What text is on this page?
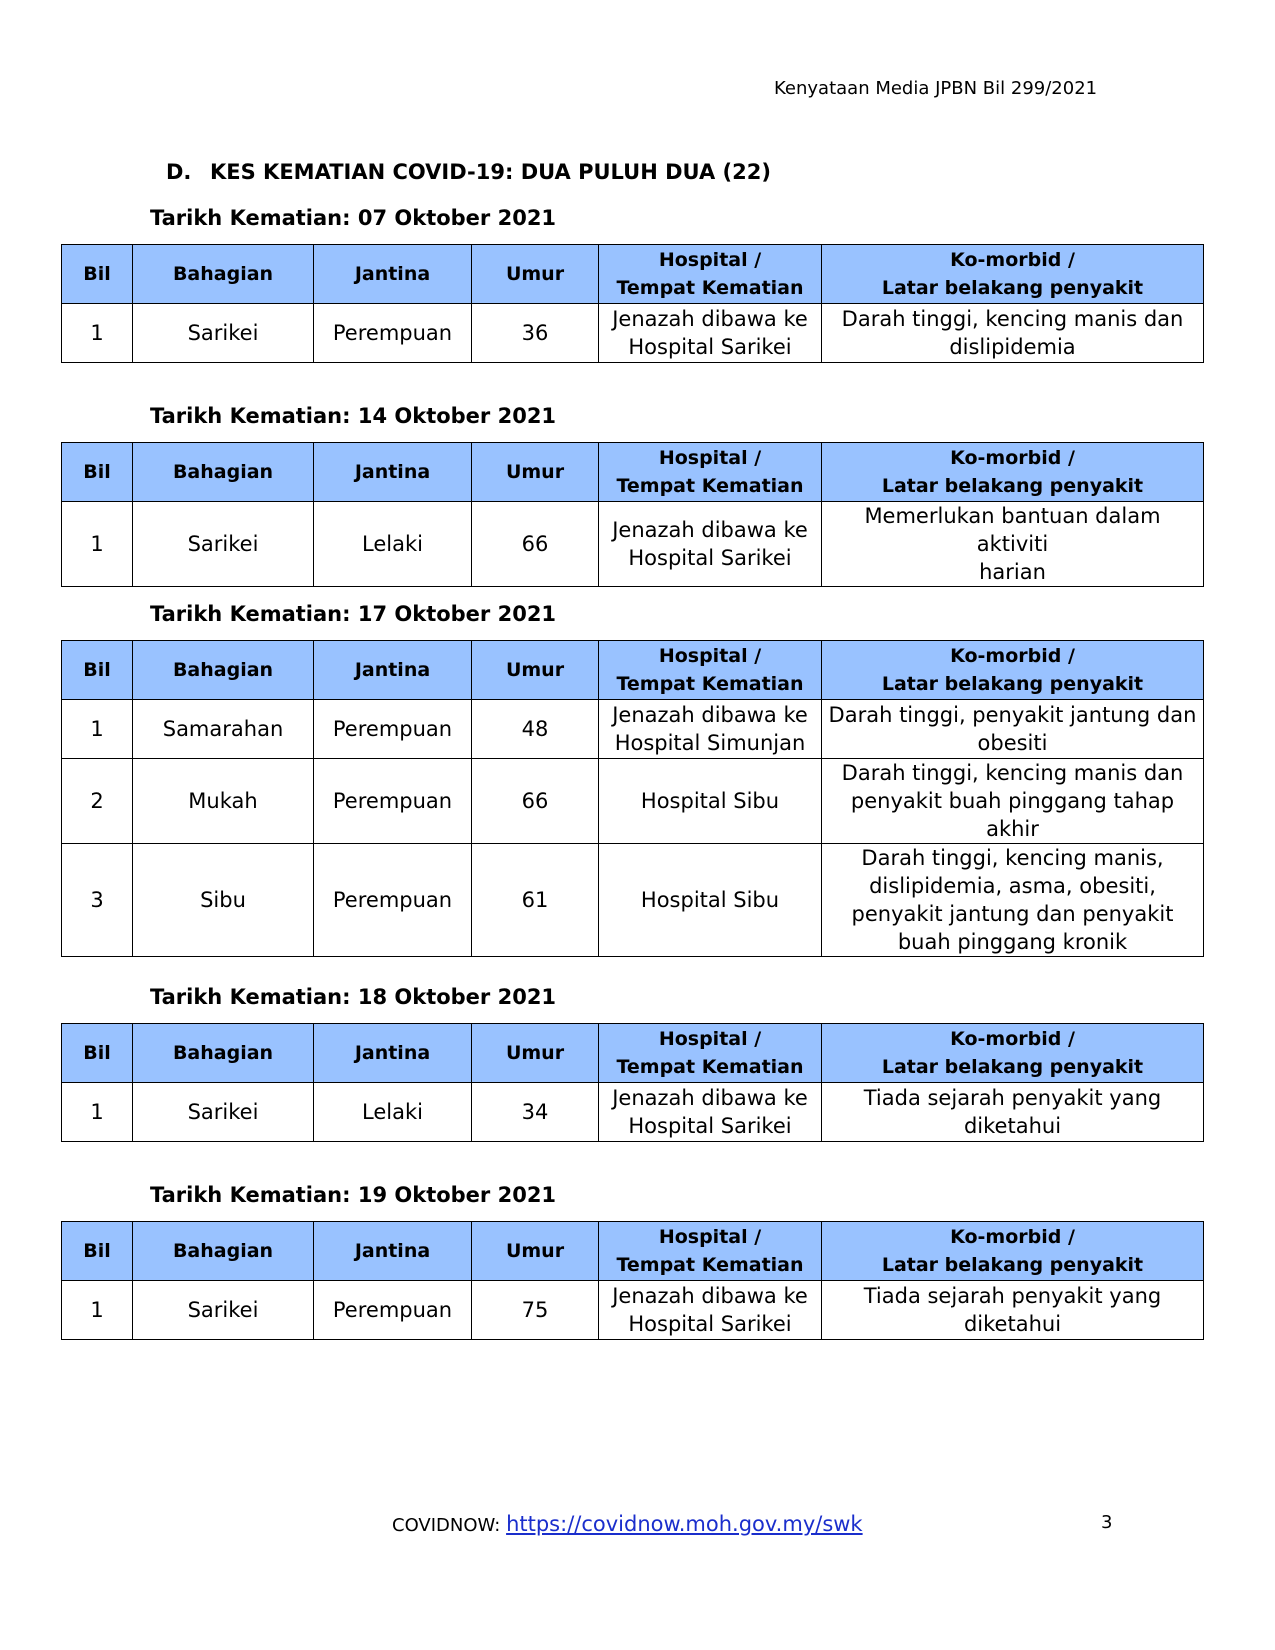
Kenyataan Media JPBN Bil 299/2021
D. KES KEMATIAN COVID-19: DUA PULUH DUA (22)
Tarikh Kematian: 07 Oktober 2021
Bil	Bahagian	Jantina	Umur	Hospital /
Tempat Kematian	Ko-morbid /
Latar belakang penyakit
1	Sarikei	Perempuan	36	Jenazah dibawa ke
Hospital Sarikei	Darah tinggi, kencing manis dan
dislipidemia
Tarikh Kematian: 14 Oktober 2021
Bil	Bahagian	Jantina	Umur	Hospital /
Tempat Kematian	Ko-morbid /
Latar belakang penyakit
1	Sarikei	Lelaki	66	Jenazah dibawa ke
Hospital Sarikei	Memerlukan bantuan dalam aktiviti
harian
Tarikh Kematian: 17 Oktober 2021
Bil	Bahagian	Jantina	Umur	Hospital /
Tempat Kematian	Ko-morbid /
Latar belakang penyakit
1	Samarahan	Perempuan	48	Jenazah dibawa ke
Hospital Simunjan	Darah tinggi, penyakit jantung dan
obesiti
2	Mukah	Perempuan	66	Hospital Sibu	Darah tinggi, kencing manis dan
penyakit buah pinggang tahap
akhir
3	Sibu	Perempuan	61	Hospital Sibu	Darah tinggi, kencing manis,
dislipidemia, asma, obesiti,
penyakit jantung dan penyakit
buah pinggang kronik
Tarikh Kematian: 18 Oktober 2021
Bil	Bahagian	Jantina	Umur	Hospital /
Tempat Kematian	Ko-morbid /
Latar belakang penyakit
1	Sarikei	Lelaki	34	Jenazah dibawa ke
Hospital Sarikei	Tiada sejarah penyakit yang
diketahui
Tarikh Kematian: 19 Oktober 2021
Bil	Bahagian	Jantina	Umur	Hospital /
Tempat Kematian	Ko-morbid /
Latar belakang penyakit
1	Sarikei	Perempuan	75	Jenazah dibawa ke
Hospital Sarikei	Tiada sejarah penyakit yang
diketahui
COVIDNOW: https://covidnow.moh.gov.my/swk	3
